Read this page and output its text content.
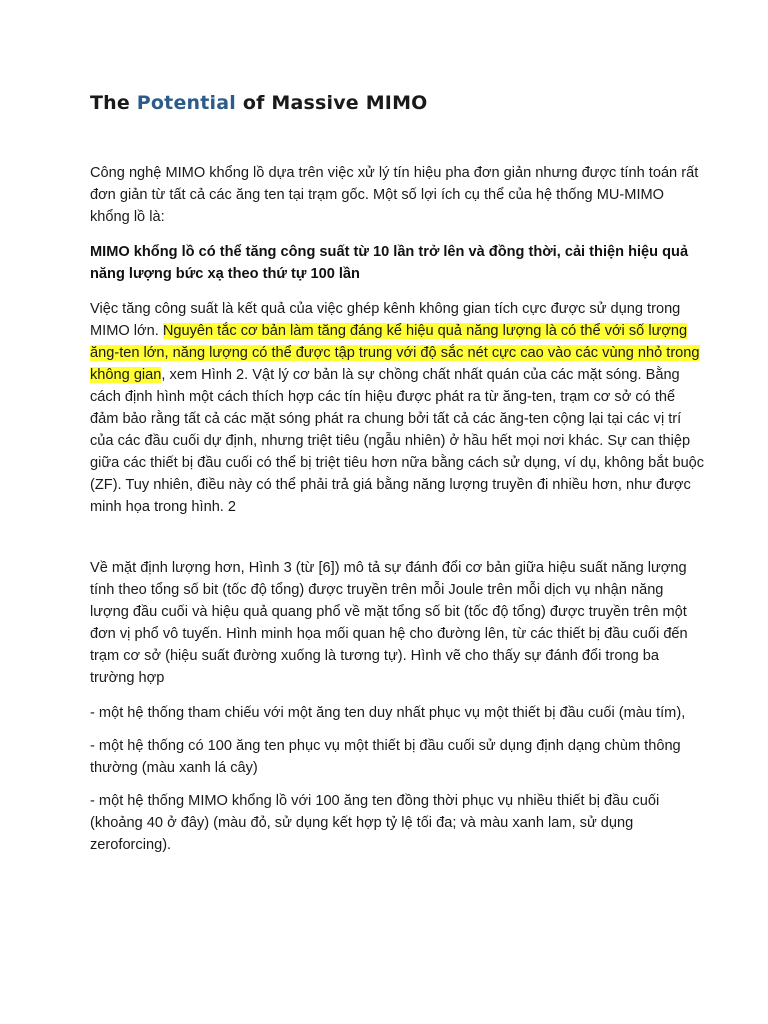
The Potential of Massive MIMO

Công nghệ MIMO khổng lồ dựa trên việc xử lý tín hiệu pha đơn giản nhưng được tính toán rất đơn giản từ tất cả các ăng ten tại trạm gốc. Một số lợi ích cụ thể của hệ thống MU-MIMO khổng lồ là:

MIMO khổng lồ có thể tăng công suất từ 10 lần trở lên và đồng thời, cải thiện hiệu quả năng lượng bức xạ theo thứ tự 100 lần

Việc tăng công suất là kết quả của việc ghép kênh không gian tích cực được sử dụng trong MIMO lớn. Nguyên tắc cơ bản làm tăng đáng kể hiệu quả năng lượng là có thể với số lượng ăng-ten lớn, năng lượng có thể được tập trung với độ sắc nét cực cao vào các vùng nhỏ trong không gian, xem Hình 2. Vật lý cơ bản là sự chồng chất nhất quán của các mặt sóng. Bằng cách định hình một cách thích hợp các tín hiệu được phát ra từ ăng-ten, trạm cơ sở có thể đảm bảo rằng tất cả các mặt sóng phát ra chung bởi tất cả các ăng-ten cộng lại tại các vị trí của các đầu cuối dự định, nhưng triệt tiêu (ngẫu nhiên) ở hầu hết mọi nơi khác. Sự can thiệp giữa các thiết bị đầu cuối có thể bị triệt tiêu hơn nữa bằng cách sử dụng, ví dụ, không bắt buộc (ZF). Tuy nhiên, điều này có thể phải trả giá bằng năng lượng truyền đi nhiều hơn, như được minh họa trong hình. 2

Về mặt định lượng hơn, Hình 3 (từ [6]) mô tả sự đánh đổi cơ bản giữa hiệu suất năng lượng tính theo tổng số bit (tốc độ tổng) được truyền trên mỗi Joule trên mỗi dịch vụ nhận năng lượng đầu cuối và hiệu quả quang phổ về mặt tổng số bit (tốc độ tổng) được truyền trên một đơn vị phổ vô tuyến. Hình minh họa mối quan hệ cho đường lên, từ các thiết bị đầu cuối đến trạm cơ sở (hiệu suất đường xuống là tương tự). Hình vẽ cho thấy sự đánh đổi trong ba trường hợp

- một hệ thống tham chiếu với một ăng ten duy nhất phục vụ một thiết bị đầu cuối (màu tím),

- một hệ thống có 100 ăng ten phục vụ một thiết bị đầu cuối sử dụng định dạng chùm thông thường (màu xanh lá cây)

- một hệ thống MIMO khổng lồ với 100 ăng ten đồng thời phục vụ nhiều thiết bị đầu cuối (khoảng 40 ở đây) (màu đỏ, sử dụng kết hợp tỷ lệ tối đa; và màu xanh lam, sử dụng zeroforcing).
